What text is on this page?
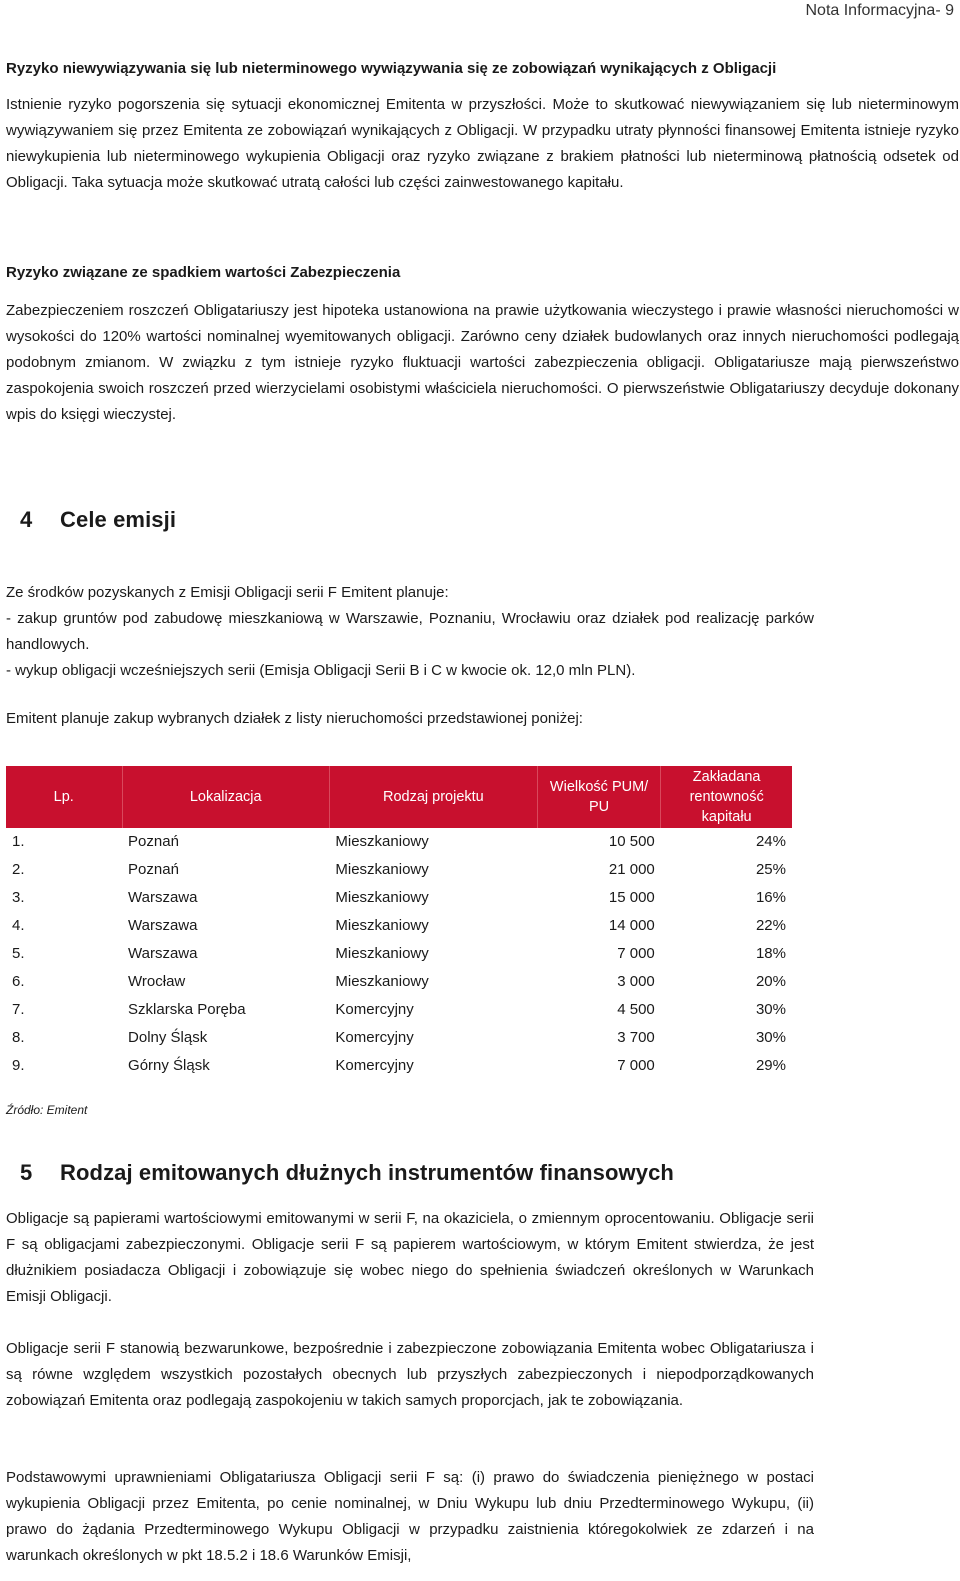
Nota Informacyjna- 9
Ryzyko niewywiązywania się lub nieterminowego wywiązywania się ze zobowiązań wynikających z Obligacji

Istnienie ryzyko pogorszenia się sytuacji ekonomicznej Emitenta w przyszłości. Może to skutkować niewywiązaniem się lub nieterminowym wywiązywaniem się przez Emitenta ze zobowiązań wynikających z Obligacji. W przypadku utraty płynności finansowej Emitenta istnieje ryzyko niewykupienia lub nieterminowego wykupienia Obligacji oraz ryzyko związane z brakiem płatności lub nieterminową płatnością odsetek od Obligacji. Taka sytuacja może skutkować utratą całości lub części zainwestowanego kapitału.

Ryzyko związane ze spadkiem wartości Zabezpieczenia

Zabezpieczeniem roszczeń Obligatariuszy jest hipoteka ustanowiona na prawie użytkowania wieczystego i prawie własności nieruchomości w wysokości do 120% wartości nominalnej wyemitowanych obligacji. Zarówno ceny działek budowlanych oraz innych nieruchomości podlegają podobnym zmianom. W związku z tym istnieje ryzyko fluktuacji wartości zabezpieczenia obligacji. Obligatariusze mają pierwszeństwo zaspokojenia swoich roszczeń przed wierzycielami osobistymi właściciela nieruchomości. O pierwszeństwie Obligatariuszy decyduje dokonany wpis do księgi wieczystej.

4 Cele emisji
Ze środków pozyskanych z Emisji Obligacji serii F Emitent planuje:

- zakup gruntów pod zabudowę mieszkaniową w Warszawie, Poznaniu, Wrocławiu oraz działek pod realizację parków handlowych.

- wykup obligacji wcześniejszych serii (Emisja Obligacji Serii B i C w kwocie ok. 12,0 mln PLN).
Emitent planuje zakup wybranych działek z listy nieruchomości przedstawionej poniżej:
Lp.	Lokalizacja	Rodzaj projektu	Wielkość PUM/ PU	Zakładana rentowność kapitału
1.	Poznań	Mieszkaniowy	10 500	24%
2.	Poznań	Mieszkaniowy	21 000	25%
3.	Warszawa	Mieszkaniowy	15 000	16%
4.	Warszawa	Mieszkaniowy	14 000	22%
5.	Warszawa	Mieszkaniowy	7 000	18%
6.	Wrocław	Mieszkaniowy	3 000	20%
7.	Szklarska Poręba	Komercyjny	4 500	30%
8.	Dolny Śląsk	Komercyjny	3 700	30%
9.	Górny Śląsk	Komercyjny	7 000	29%
Źródło: Emitent
5 Rodzaj emitowanych dłużnych instrumentów finansowych

Obligacje są papierami wartościowymi emitowanymi w serii F, na okaziciela, o zmiennym oprocentowaniu. Obligacje serii F są obligacjami zabezpieczonymi. Obligacje serii F są papierem wartościowym, w którym Emitent stwierdza, że jest dłużnikiem posiadacza Obligacji i zobowiązuje się wobec niego do spełnienia świadczeń określonych w Warunkach Emisji Obligacji.

Obligacje serii F stanowią bezwarunkowe, bezpośrednie i zabezpieczone zobowiązania Emitenta wobec Obligatariusza i są równe względem wszystkich pozostałych obecnych lub przyszłych zabezpieczonych i niepodporządkowanych zobowiązań Emitenta oraz podlegają zaspokojeniu w takich samych proporcjach, jak te zobowiązania.

Podstawowymi uprawnieniami Obligatariusza Obligacji serii F są: (i) prawo do świadczenia pieniężnego w postaci wykupienia Obligacji przez Emitenta, po cenie nominalnej, w Dniu Wykupu lub dniu Przedterminowego Wykupu, (ii) prawo do żądania Przedterminowego Wykupu Obligacji w przypadku zaistnienia któregokolwiek ze zdarzeń i na warunkach określonych w pkt 18.5.2 i 18.6 Warunków Emisji,
